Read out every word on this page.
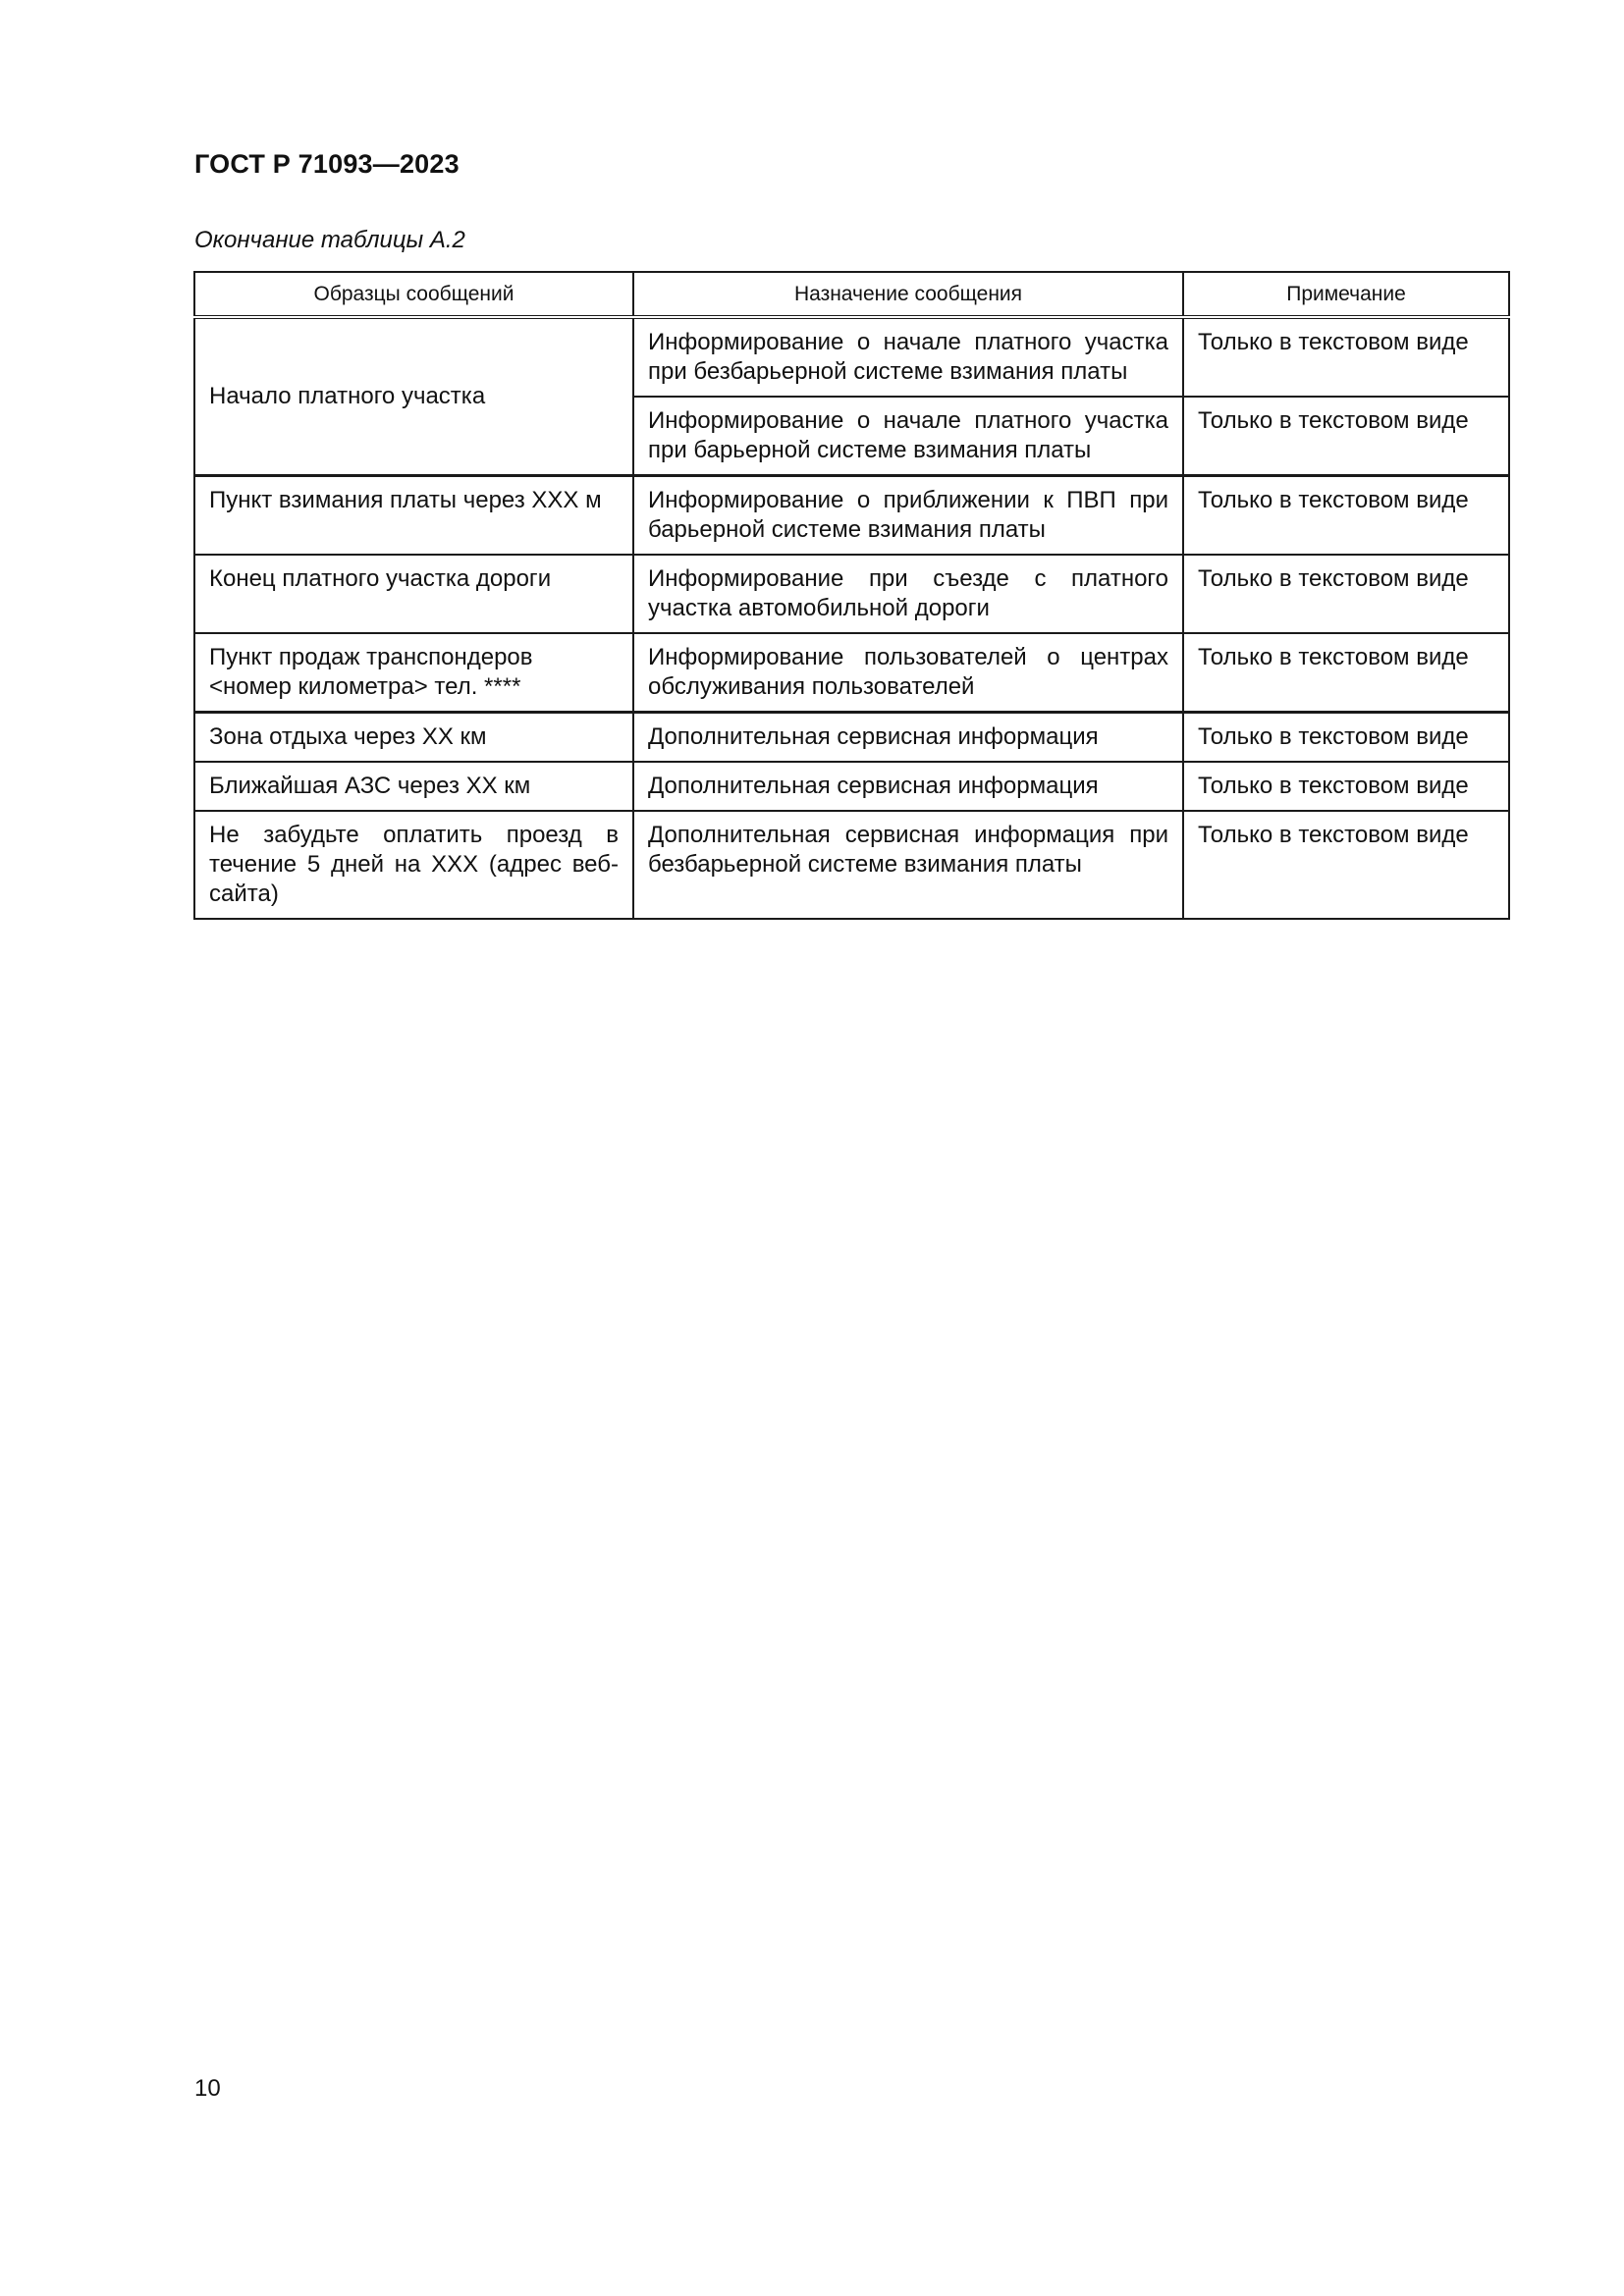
ГОСТ Р 71093—2023
Окончание таблицы А.2
Образцы сообщений	Назначение сообщения	Примечание
Начало платного участка	Информирование о начале платного участка при безбарьерной системе взимания платы	Только в текстовом виде
	Информирование о начале платного участка при барьерной системе взимания платы	Только в текстовом виде
Пункт взимания платы через ХХХ м	Информирование о приближении к ПВП при барьерной системе взимания платы	Только в текстовом виде
Конец платного участка дороги	Информирование при съезде с платного участка автомобильной дороги	Только в текстовом виде
Пункт продаж транспондеров <номер километра> тел. ****	Информирование пользователей о центрах обслуживания пользователей	Только в текстовом виде
Зона отдыха через ХХ км	Дополнительная сервисная информация	Только в текстовом виде
Ближайшая АЗС через ХХ км	Дополнительная сервисная информация	Только в текстовом виде
Не забудьте оплатить проезд в течение 5 дней на ХХХ (адрес веб-сайта)	Дополнительная сервисная информация при безбарьерной системе взимания платы	Только в текстовом виде
10
